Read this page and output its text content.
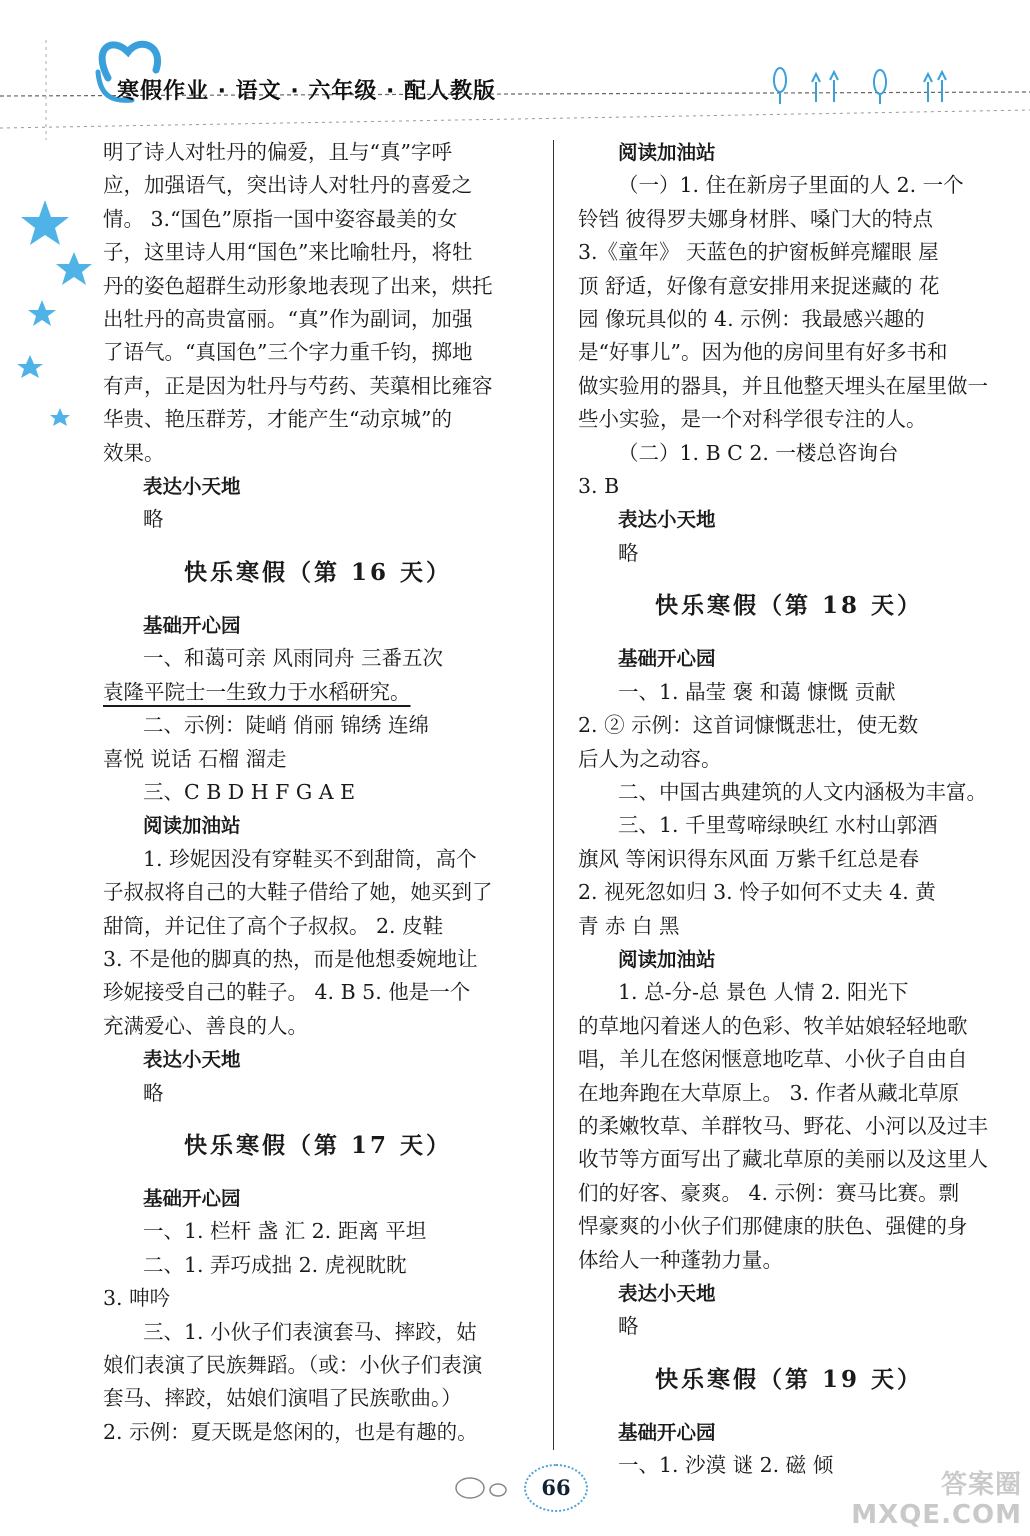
寒假作业 · 语文 · 六年级 · 配人教版
明了诗人对牡丹的偏爱，且与“真”字呼
应，加强语气，突出诗人对牡丹的喜爱之
情。 3.“国色”原指一国中姿容最美的女
子，这里诗人用“国色”来比喻牡丹，将牡
丹的姿色超群生动形象地表现了出来，烘托
出牡丹的高贵富丽。“真”作为副词，加强
了语气。“真国色”三个字力重千钧，掷地
有声，正是因为牡丹与芍药、芙蕖相比雍容
华贵、艳压群芳，才能产生“动京城”的
效果。
表达小天地
略
快乐寒假（第 16 天）
基础开心园
一、和蔼可亲 风雨同舟 三番五次
袁隆平院士一生致力于水稻研究。
二、示例：陡峭 俏丽 锦绣 连绵
喜悦 说话 石榴 溜走
三、C B D H F G A E
阅读加油站
1. 珍妮因没有穿鞋买不到甜筒，高个
子叔叔将自己的大鞋子借给了她，她买到了
甜筒，并记住了高个子叔叔。 2. 皮鞋
3. 不是他的脚真的热，而是他想委婉地让
珍妮接受自己的鞋子。 4. B 5. 他是一个
充满爱心、善良的人。
表达小天地
略
快乐寒假（第 17 天）
基础开心园
一、1. 栏杆 盏 汇 2. 距离 平坦
二、1. 弄巧成拙 2. 虎视眈眈
3. 呻吟
三、1. 小伙子们表演套马、摔跤，姑
娘们表演了民族舞蹈。（或：小伙子们表演
套马、摔跤，姑娘们演唱了民族歌曲。）
2. 示例：夏天既是悠闲的，也是有趣的。
阅读加油站
（一）1. 住在新房子里面的人 2. 一个
铃铛 彼得罗夫娜身材胖、嗓门大的特点
3.《童年》 天蓝色的护窗板鲜亮耀眼 屋
顶 舒适，好像有意安排用来捉迷藏的 花
园 像玩具似的 4. 示例：我最感兴趣的
是“好事儿”。因为他的房间里有好多书和
做实验用的器具，并且他整天埋头在屋里做一
些小实验，是一个对科学很专注的人。
（二）1. B C 2. 一楼总咨询台
3. B
表达小天地
略
快乐寒假（第 18 天）
基础开心园
一、1. 晶莹 褒 和蔼 慷慨 贡献
2. ② 示例：这首词慷慨悲壮，使无数
后人为之动容。
二、中国古典建筑的人文内涵极为丰富。
三、1. 千里莺啼绿映红 水村山郭酒
旗风 等闲识得东风面 万紫千红总是春
2. 视死忽如归 3. 怜子如何不丈夫 4. 黄
青 赤 白 黑
阅读加油站
1. 总-分-总 景色 人情 2. 阳光下
的草地闪着迷人的色彩、牧羊姑娘轻轻地歌
唱，羊儿在悠闲惬意地吃草、小伙子自由自
在地奔跑在大草原上。 3. 作者从藏北草原
的柔嫩牧草、羊群牧马、野花、小河以及过丰
收节等方面写出了藏北草原的美丽以及这里人
们的好客、豪爽。 4. 示例：赛马比赛。剽
悍豪爽的小伙子们那健康的肤色、强健的身
体给人一种蓬勃力量。
表达小天地
略
快乐寒假（第 19 天）
基础开心园
一、1. 沙漠 谜 2. 磁 倾
66	答案圈
MXQE.COM
